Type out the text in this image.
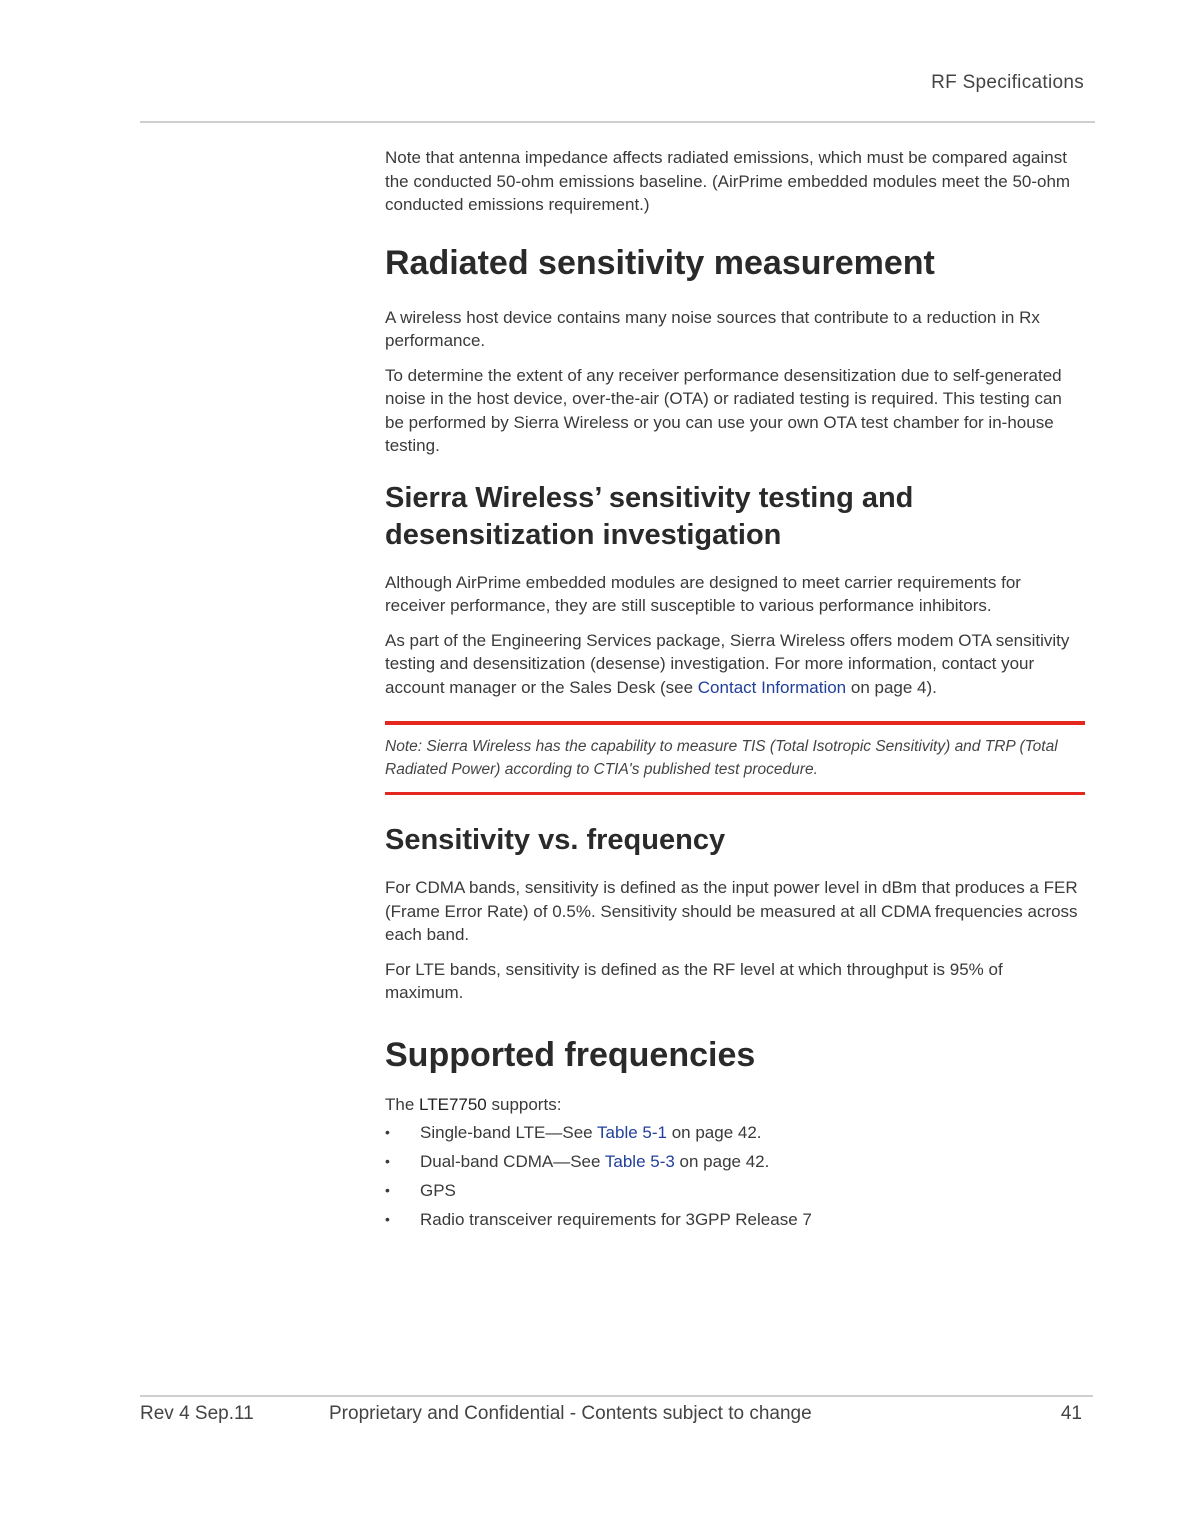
RF Specifications

Note that antenna impedance affects radiated emissions, which must be compared against the conducted 50-ohm emissions baseline. (AirPrime embedded modules meet the 50-ohm conducted emissions requirement.)

Radiated sensitivity measurement

A wireless host device contains many noise sources that contribute to a reduction in Rx performance.

To determine the extent of any receiver performance desensitization due to self-generated noise in the host device, over-the-air (OTA) or radiated testing is required. This testing can be performed by Sierra Wireless or you can use your own OTA test chamber for in-house testing.

Sierra Wireless’ sensitivity testing and desensitization investigation

Although AirPrime embedded modules are designed to meet carrier requirements for receiver performance, they are still susceptible to various performance inhibitors.

As part of the Engineering Services package, Sierra Wireless offers modem OTA sensitivity testing and desensitization (desense) investigation. For more information, contact your account manager or the Sales Desk (see Contact Information on page 4).

Note: Sierra Wireless has the capability to measure TIS (Total Isotropic Sensitivity) and TRP (Total Radiated Power) according to CTIA's published test procedure.

Sensitivity vs. frequency

For CDMA bands, sensitivity is defined as the input power level in dBm that produces a FER (Frame Error Rate) of 0.5%. Sensitivity should be measured at all CDMA frequencies across each band.

For LTE bands, sensitivity is defined as the RF level at which throughput is 95% of maximum.

Supported frequencies

The LTE7750 supports:

• Single-band LTE—See Table 5-1 on page 42.
• Dual-band CDMA—See Table 5-3 on page 42.
• GPS
• Radio transceiver requirements for 3GPP Release 7
Rev 4 Sep.11	Proprietary and Confidential - Contents subject to change	41
